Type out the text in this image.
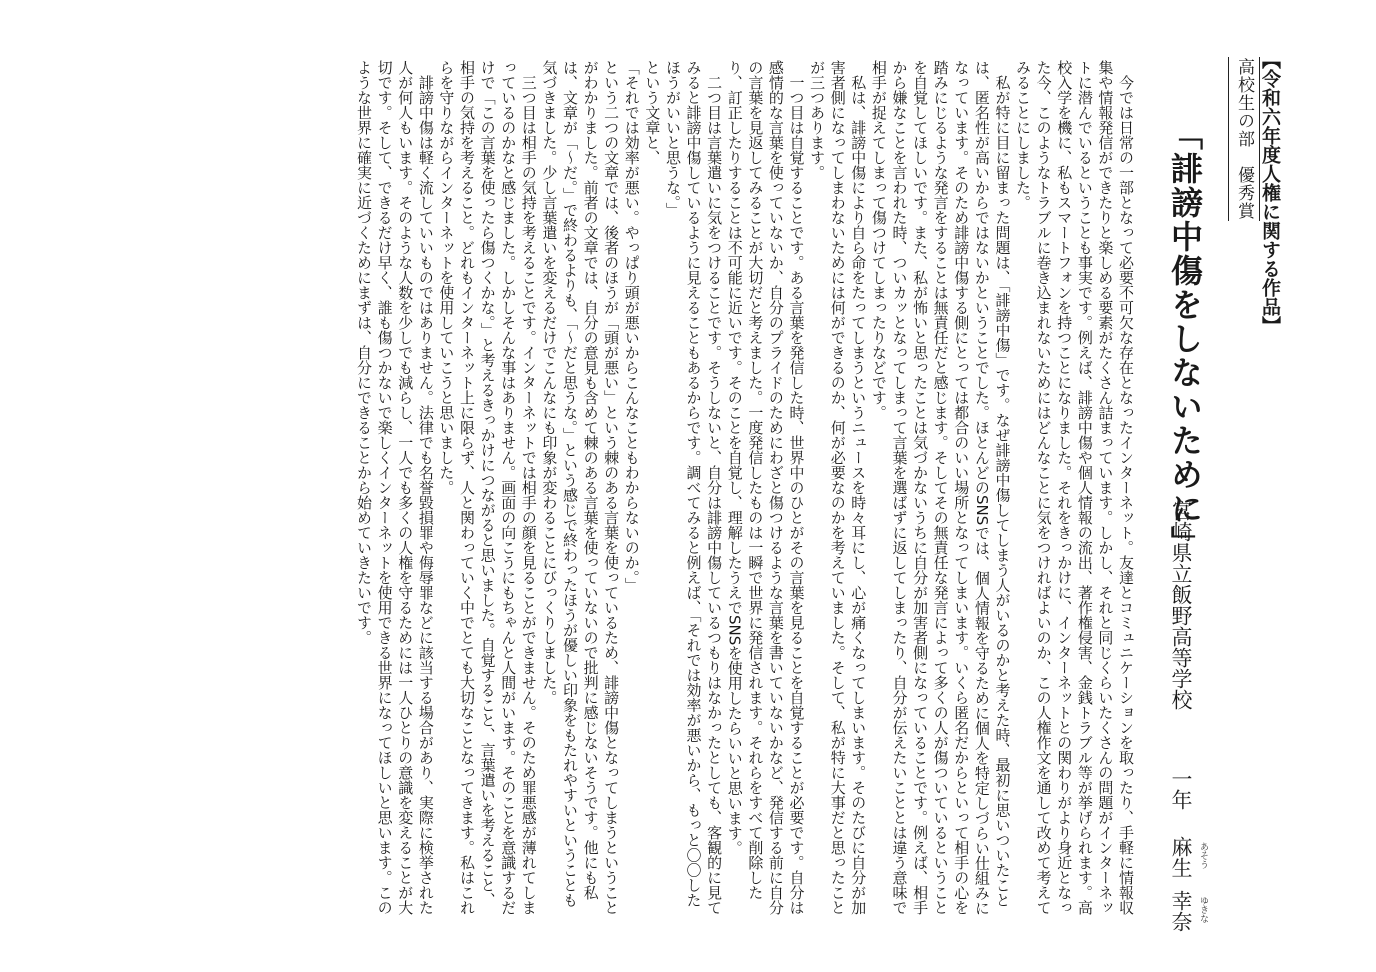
【令和六年度人権に関する作品】
高校生の部　優秀賞
「誹謗中傷をしないために」
宮崎県立飯野高等学校
一年
麻生 あそう
幸奈 ゆきな

今では日常の一部となって必要不可欠な存在となったインターネット。友達とコミュニケーションを取ったり、手軽に情報収集や情報発信ができたりと楽しめる要素がたくさん詰まっています。しかし、それと同じくらいたくさんの問題がインターネットに潜んでいるということも事実です。例えば、誹謗中傷や個人情報の流出、著作権侵害、金銭トラブル等が挙げられます。高校入学を機に、私もスマートフォンを持つことになりました。それをきっかけに、インターネットとの関わりがより身近となった今、このようなトラブルに巻き込まれないためにはどんなことに気をつければよいのか、この人権作文を通して改めて考えてみることにしました。

私が特に目に留まった問題は、「誹謗中傷」です。なぜ誹謗中傷してしまう人がいるのかと考えた時、最初に思いついたことは、匿名性が高いからではないかということでした。ほとんどのSNSでは、個人情報を守るために個人を特定しづらい仕組みになっています。そのため誹謗中傷する側にとっては都合のいい場所となってしまいます。いくら匿名だからといって相手の心を踏みにじるような発言をすることは無責任だと感じます。そしてその無責任な発言によって多くの人が傷ついているということを自覚してほしいです。また、私が怖いと思ったことは気づかないうちに自分が加害者側になっていることです。例えば、相手から嫌なことを言われた時、ついカッとなってしまって言葉を選ばずに返してしまったり、自分が伝えたいこととは違う意味で相手が捉えてしまって傷つけてしまったりなどです。

私は、誹謗中傷により自ら命をたってしまうというニュースを時々耳にし、心が痛くなってしまいます。そのたびに自分が加害者側になってしまわないためには何ができるのか、何が必要なのかを考えていました。そして、私が特に大事だと思ったことが三つあります。

一つ目は自覚することです。ある言葉を発信した時、世界中のひとがその言葉を見ることを自覚することが必要です。自分は感情的な言葉を使っていないか、自分のプライドのためにわざと傷つけるような言葉を書いていないかなど、発信する前に自分の言葉を見返してみることが大切だと考えました。一度発信したものは一瞬で世界に発信されます。それらをすべて削除したり、訂正したりすることは不可能に近いです。そのことを自覚し、理解したうえでSNSを使用したらいいと思います。

二つ目は言葉遣いに気をつけることです。そうしないと、自分は誹謗中傷しているつもりはなかったとしても、客観的に見てみると誹謗中傷しているように見えることもあるからです。調べてみると例えば、「それでは効率が悪いから、もっと〇〇したほうがいいと思うな。」

という文章と、

「それでは効率が悪い。やっぱり頭が悪いからこんなこともわからないのか。」

という二つの文章では、後者のほうが「頭が悪い」という棘のある言葉を使っているため、誹謗中傷となってしまうということがわかりました。前者の文章では、自分の意見も含めて棘のある言葉を使っていないので批判に感じないそうです。他にも私は、文章が「〜だ。」で終わるよりも、「〜だと思うな。」という感じで終わったほうが優しい印象をもたれやすいということも気づきました。少し言葉遣いを変えるだけでこんなにも印象が変わることにびっくりしました。

三つ目は相手の気持を考えることです。インターネットでは相手の顔を見ることができません。そのため罪悪感が薄れてしまっているのかなと感じました。しかしそんな事はありません。画面の向こうにもちゃんと人間がいます。そのことを意識するだけで「この言葉を使ったら傷つくかな。」と考えるきっかけにつながると思いました。自覚すること、言葉遣いを考えること、相手の気持を考えること。どれもインターネット上に限らず、人と関わっていく中でとても大切なことなってきます。私はこれらを守りながらインターネットを使用していこうと思いました。

誹謗中傷は軽く流していいものではありません。法律でも名誉毀損罪や侮辱罪などに該当する場合があり、実際に検挙された人が何人もいます。そのような人数を少しでも減らし、一人でも多くの人権を守るためには一人ひとりの意識を変えることが大切です。そして、できるだけ早く、誰も傷つかないで楽しくインターネットを使用できる世界になってほしいと思います。このような世界に確実に近づくためにまずは、自分にできることから始めていきたいです。
